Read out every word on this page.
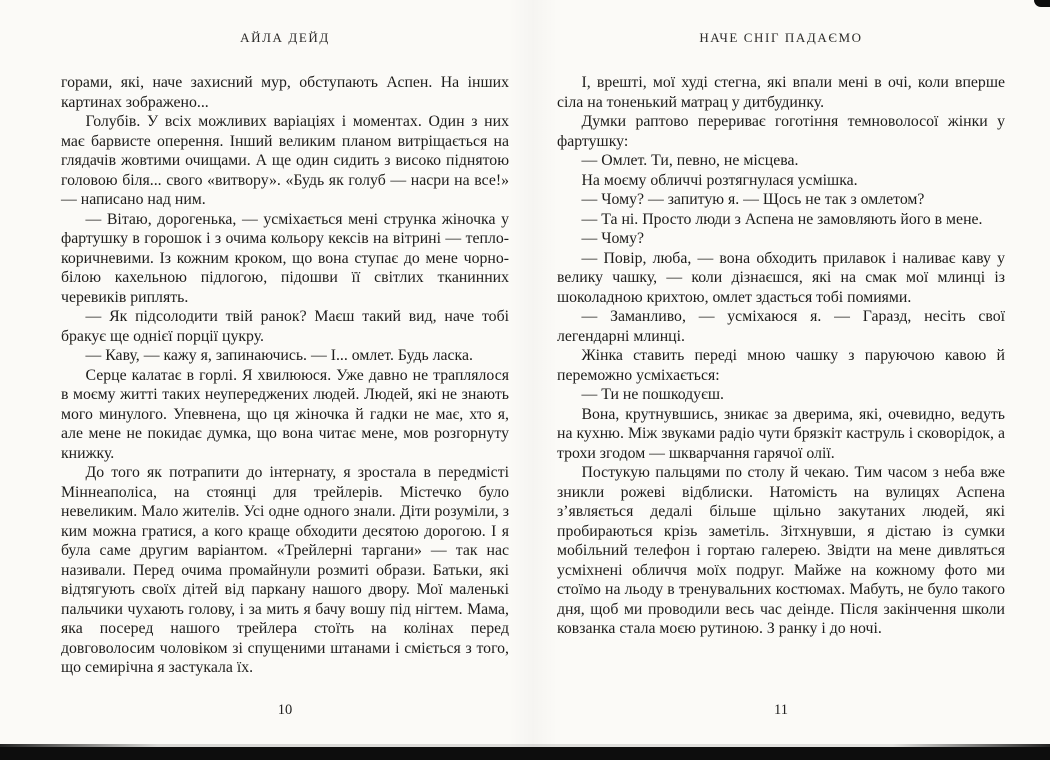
АЙЛА ДЕЙД

горами, які, наче захисний мур, обступають Аспен. На інших картинах зображено...

Голубів. У всіх можливих варіаціях і моментах. Один з них має барвисте оперення. Інший великим планом витріщається на глядачів жовтими очищами. А ще один сидить з високо піднятою головою біля... свого «витвору». «Будь як голуб — насри на все!» — написано над ним.

— Вітаю, дорогенька, — усміхається мені струнка жіночка у фартушку в горошок і з очима кольору кексів на вітрині — тепло-коричневими. Із кожним кроком, що вона ступає до мене чорно-білою кахельною підлогою, підошви її світлих тканинних черевиків риплять.

— Як підсолодити твій ранок? Маєш такий вид, наче тобі бракує ще однієї порції цукру.

— Каву, — кажу я, запинаючись. — І... омлет. Будь ласка.

Серце калатає в горлі. Я хвилююся. Уже давно не траплялося в моєму житті таких неупереджених людей. Людей, які не знають мого минулого. Упевнена, що ця жіночка й гадки не має, хто я, але мене не покидає думка, що вона читає мене, мов розгорнуту книжку.

До того як потрапити до інтернату, я зростала в передмісті Міннеаполіса, на стоянці для трейлерів. Містечко було невеликим. Мало жителів. Усі одне одного знали. Діти розуміли, з ким можна гратися, а кого краще обходити десятою дорогою. І я була саме другим варіантом. «Трейлерні таргани» — так нас називали. Перед очима промайнули розмиті образи. Батьки, які відтягують своїх дітей від паркану нашого двору. Мої маленькі пальчики чухають голову, і за мить я бачу вошу під нігтем. Мама, яка посеред нашого трейлера стоїть на колінах перед довговолосим чоловіком зі спущеними штанами і сміється з того, що семирічна я застукала їх.

10
НАЧЕ СНІГ ПАДАЄМО

І, врешті, мої худі стегна, які впали мені в очі, коли вперше сіла на тоненький матрац у дитбудинку.

Думки раптово перериває гоготіння темноволосої жінки у фартушку:

— Омлет. Ти, певно, не місцева.

На моєму обличчі розтягнулася усмішка.

— Чому? — запитую я. — Щось не так з омлетом?

— Та ні. Просто люди з Аспена не замовляють його в мене.

— Чому?

— Повір, люба, — вона обходить прилавок і наливає каву у велику чашку, — коли дізнаєшся, які на смак мої млинці із шоколадною крихтою, омлет здасться тобі помиями.

— Заманливо, — усміхаюся я. — Гаразд, несіть свої легендарні млинці.

Жінка ставить переді мною чашку з паруючою кавою й переможно усміхається:

— Ти не пошкодуєш.

Вона, крутнувшись, зникає за дверима, які, очевидно, ведуть на кухню. Між звуками радіо чути брязкіт каструль і сковорідок, а трохи згодом — шкварчання гарячої олії.

Постукую пальцями по столу й чекаю. Тим часом з неба вже зникли рожеві відблиски. Натомість на вулицях Аспена з’являється дедалі більше щільно закутаних людей, які пробираються крізь заметіль. Зітхнувши, я дістаю із сумки мобільний телефон і гортаю галерею. Звідти на мене дивляться усміхнені обличчя моїх подруг. Майже на кожному фото ми стоїмо на льоду в тренувальних костюмах. Мабуть, не було такого дня, щоб ми проводили весь час деінде. Після закінчення школи ковзанка стала моєю рутиною. З ранку і до ночі.

11
